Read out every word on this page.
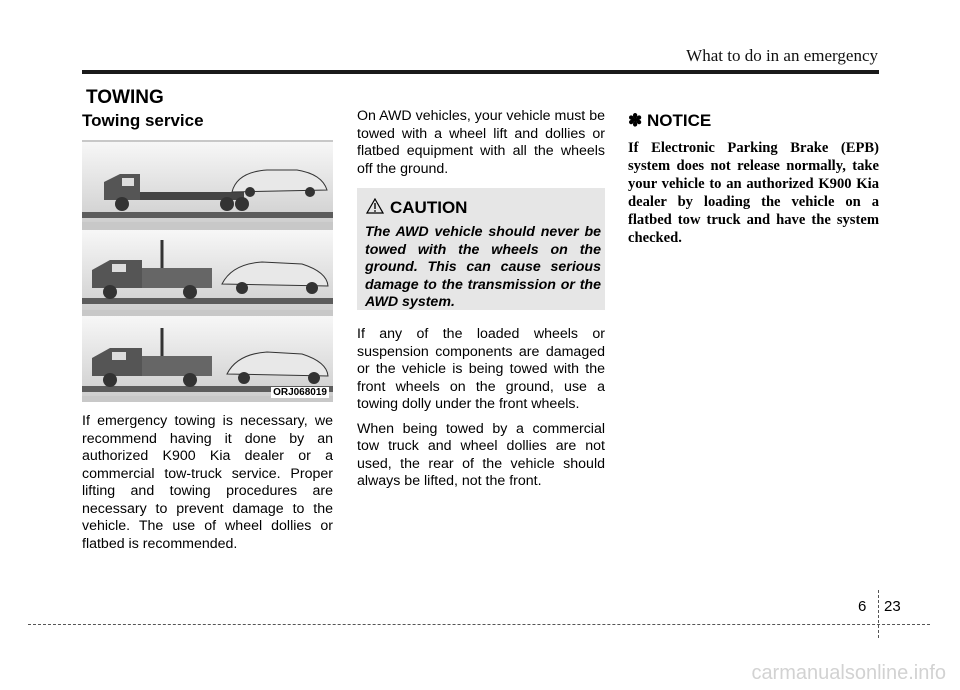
What to do in an emergency
TOWING
Towing service
ORJ068019

If emergency towing is necessary, we recommend having it done by an authorized K900 Kia dealer or a commercial tow-truck service. Proper lifting and towing procedures are necessary to prevent damage to the vehicle. The use of wheel dollies or flatbed is recommended.

On AWD vehicles, your vehicle must be towed with a wheel lift and dollies or flatbed equipment with all the wheels off the ground.
CAUTION
The AWD vehicle should never be towed with the wheels on the ground. This can cause serious damage to the transmission or the AWD system.

If any of the loaded wheels or suspension components are damaged or the vehicle is being towed with the front wheels on the ground, use a towing dolly under the front wheels.

When being towed by a commercial tow truck and wheel dollies are not used, the rear of the vehicle should always be lifted, not the front.

✽ NOTICE
If Electronic Parking Brake (EPB) system does not release normally, take your vehicle to an authorized K900 Kia dealer by loading the vehicle on a flatbed tow truck and have the system checked.
6 23
carmanualsonline.info
